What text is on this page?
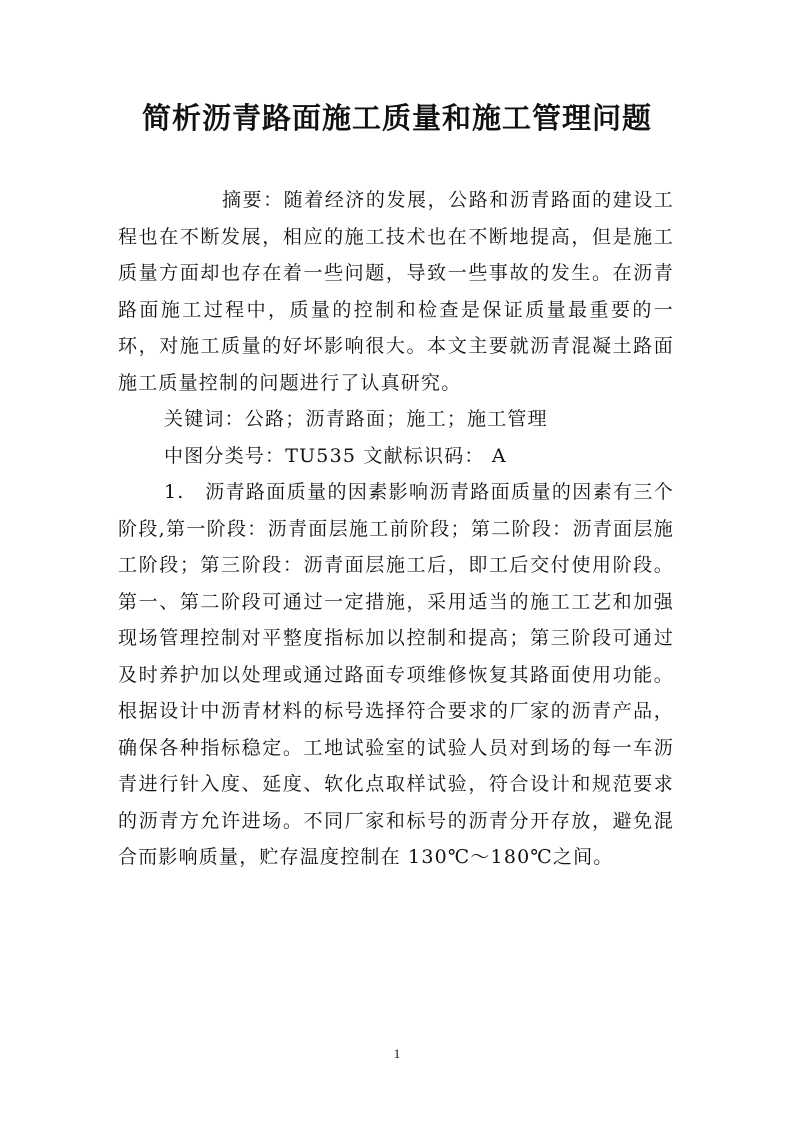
简析沥青路面施工质量和施工管理问题

摘要：随着经济的发展，公路和沥青路面的建设工程也在不断发展，相应的施工技术也在不断地提高，但是施工质量方面却也存在着一些问题，导致一些事故的发生。在沥青路面施工过程中，质量的控制和检查是保证质量最重要的一环，对施工质量的好坏影响很大。本文主要就沥青混凝土路面施工质量控制的问题进行了认真研究。

关键词：公路；沥青路面；施工；施工管理

中图分类号：TU535 文献标识码： A

1.　沥青路面质量的因素影响沥青路面质量的因素有三个阶段,第一阶段：沥青面层施工前阶段；第二阶段：沥青面层施工阶段；第三阶段：沥青面层施工后，即工后交付使用阶段。第一、第二阶段可通过一定措施，采用适当的施工工艺和加强现场管理控制对平整度指标加以控制和提高；第三阶段可通过及时养护加以处理或通过路面专项维修恢复其路面使用功能。 根据设计中沥青材料的标号选择符合要求的厂家的沥青产品，确保各种指标稳定。工地试验室的试验人员对到场的每一车沥青进行针入度、延度、软化点取样试验，符合设计和规范要求的沥青方允许进场。不同厂家和标号的沥青分开存放，避免混合而影响质量，贮存温度控制在 130℃～180℃之间。

1
